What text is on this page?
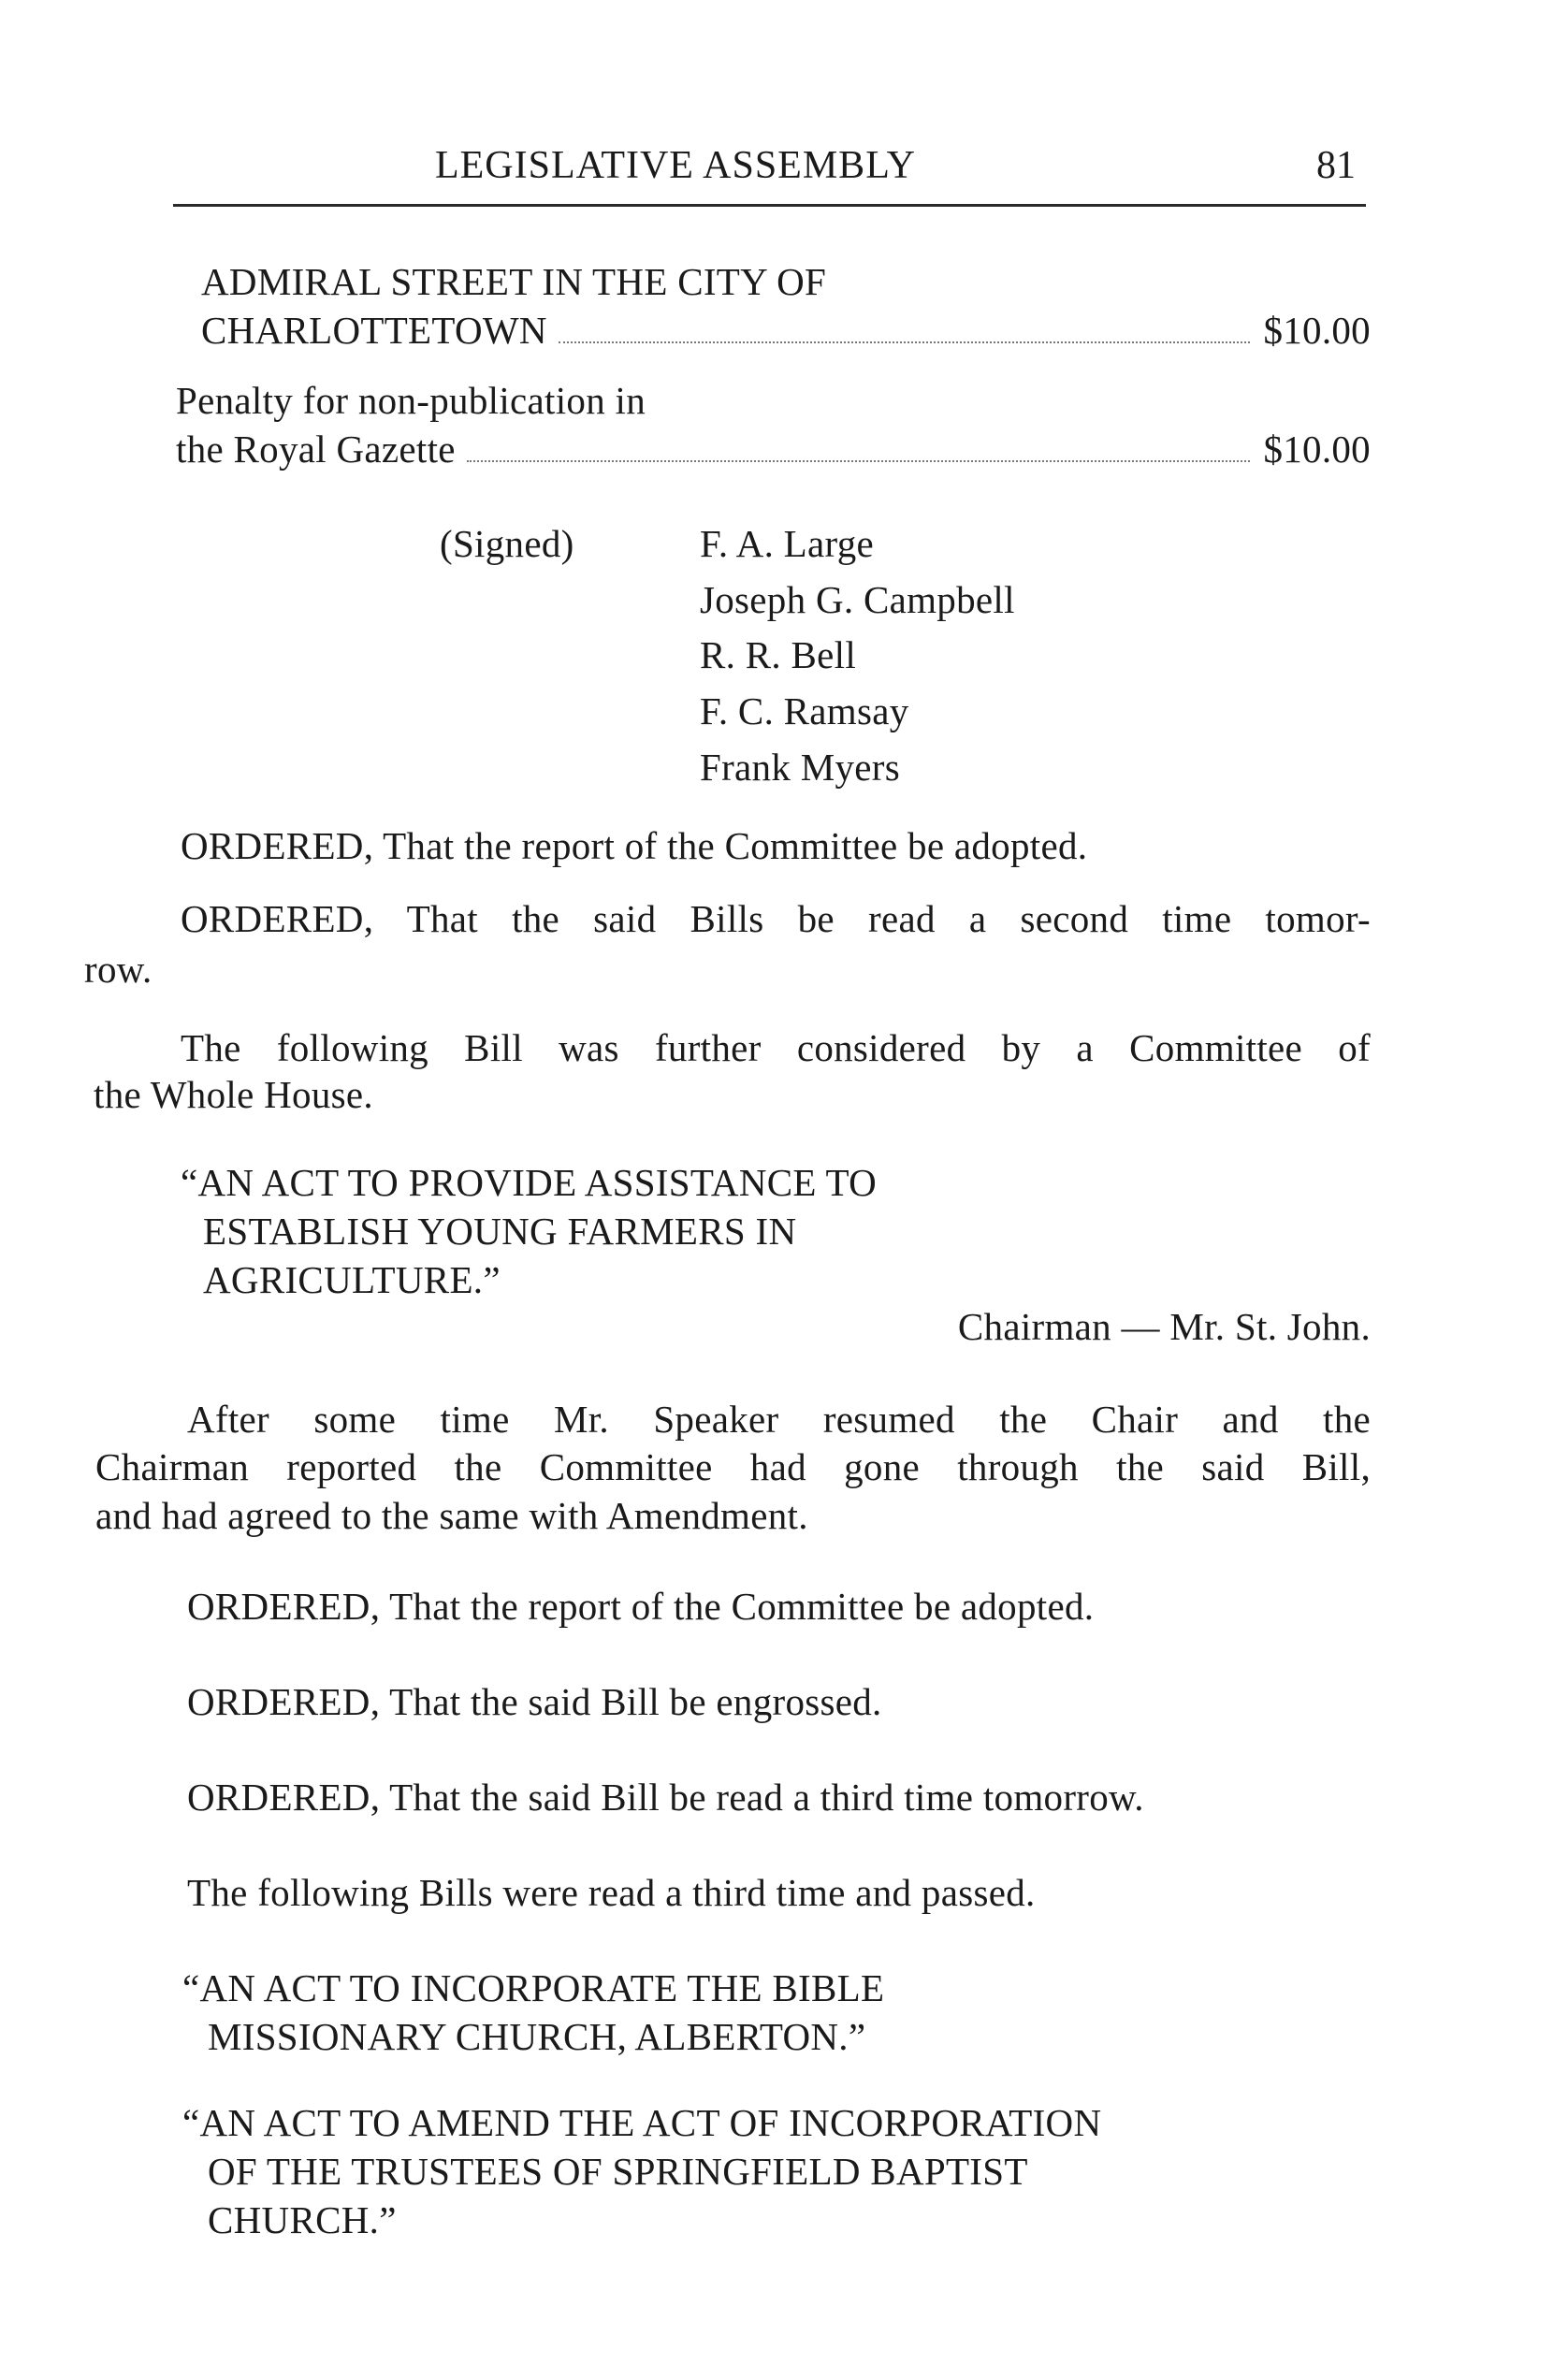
LEGISLATIVE ASSEMBLY	81
ADMIRAL STREET IN THE CITY OF
CHARLOTTETOWN	$10.00
Penalty for non-publication in
the Royal Gazette	$10.00
(Signed)	F. A. Large
Joseph G. Campbell
R. R. Bell
F. C. Ramsay
Frank Myers
ORDERED, That the report of the Committee be adopted.
ORDERED, That the said Bills be read a second time tomor-
row.
The following Bill was further considered by a Committee of
the Whole House.
“AN ACT TO PROVIDE ASSISTANCE TO
ESTABLISH YOUNG FARMERS IN
AGRICULTURE.”
Chairman — Mr. St. John.
After some time Mr. Speaker resumed the Chair and the
Chairman reported the Committee had gone through the said Bill,
and had agreed to the same with Amendment.
ORDERED, That the report of the Committee be adopted.
ORDERED, That the said Bill be engrossed.
ORDERED, That the said Bill be read a third time tomorrow.
The following Bills were read a third time and passed.
“AN ACT TO INCORPORATE THE BIBLE
MISSIONARY CHURCH, ALBERTON.”
“AN ACT TO AMEND THE ACT OF INCORPORATION
OF THE TRUSTEES OF SPRINGFIELD BAPTIST
CHURCH.”
